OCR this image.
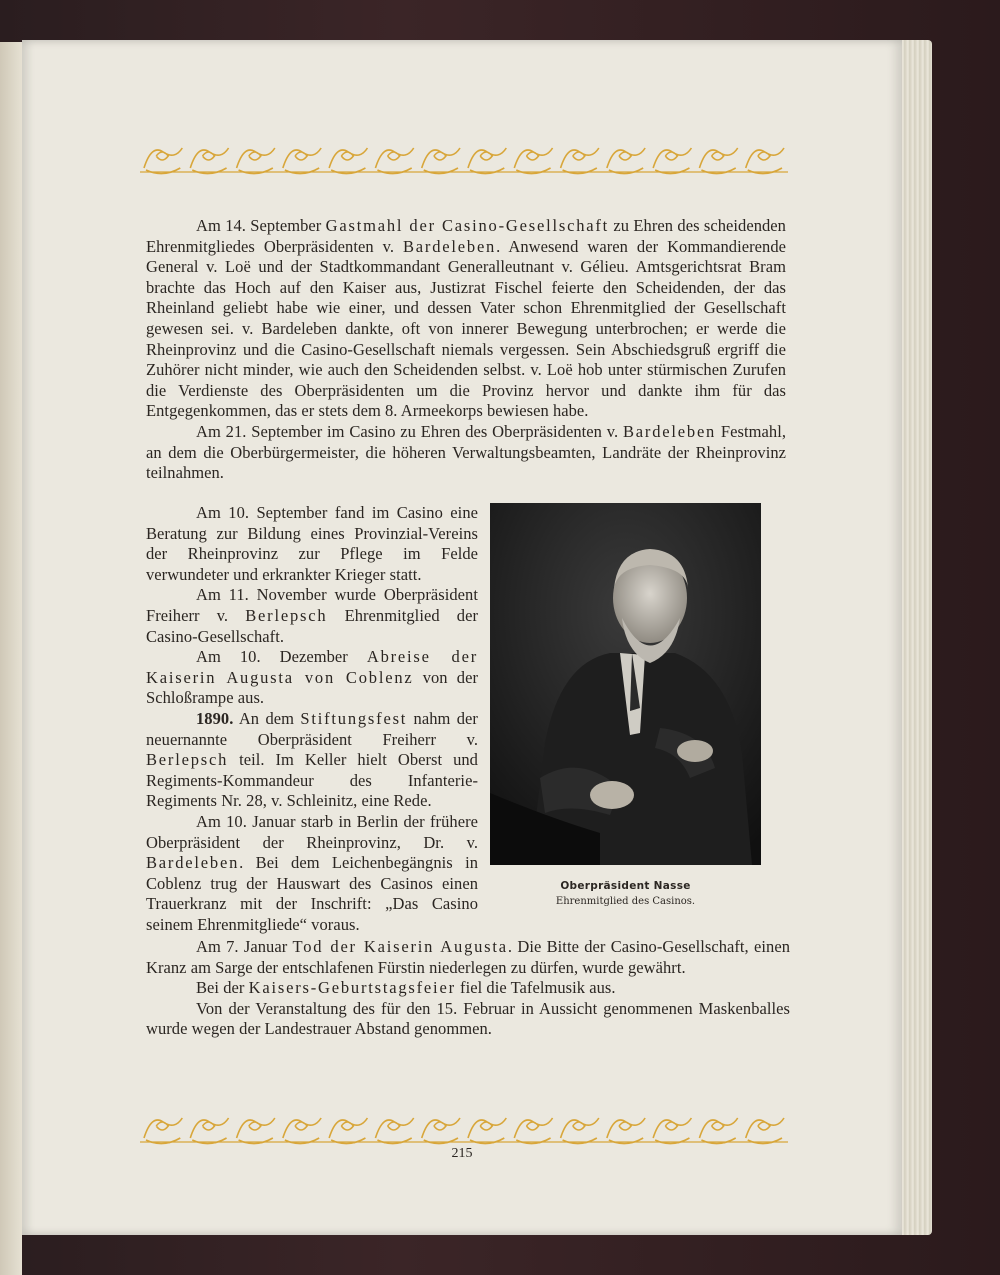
Am 14. September Gastmahl der Casino-Gesellschaft zu Ehren des scheidenden Ehrenmitgliedes Oberpräsidenten v. Bardeleben. Anwesend waren der Kommandierende General v. Loë und der Stadtkommandant Generalleutnant v. Gélieu. Amtsgerichtsrat Bram brachte das Hoch auf den Kaiser aus, Justizrat Fischel feierte den Scheidenden, der das Rheinland geliebt habe wie einer, und dessen Vater schon Ehrenmitglied der Gesellschaft gewesen sei. v. Bardeleben dankte, oft von innerer Bewegung unterbrochen; er werde die Rheinprovinz und die Casino-Gesellschaft niemals vergessen. Sein Abschiedsgruß ergriff die Zuhörer nicht minder, wie auch den Scheidenden selbst. v. Loë hob unter stürmischen Zurufen die Verdienste des Oberpräsidenten um die Provinz hervor und dankte ihm für das Entgegenkommen, das er stets dem 8. Armeekorps bewiesen habe.

Am 21. September im Casino zu Ehren des Oberpräsidenten v. Bardeleben Festmahl, an dem die Oberbürgermeister, die höheren Verwaltungsbeamten, Landräte der Rheinprovinz teilnahmen.

Am 10. September fand im Casino eine Beratung zur Bildung eines Provinzial-Vereins der Rheinprovinz zur Pflege im Felde verwundeter und erkrankter Krieger statt.

Am 11. November wurde Oberpräsident Freiherr v. Berlepsch Ehrenmitglied der Casino-Gesellschaft.

Am 10. Dezember Abreise der Kaiserin Augusta von Coblenz von der Schloßrampe aus.

1890. An dem Stiftungsfest nahm der neuernannte Oberpräsident Freiherr v. Berlepsch teil. Im Keller hielt Oberst und Regiments-Kommandeur des Infanterie-Regiments Nr. 28, v. Schleinitz, eine Rede.

Am 10. Januar starb in Berlin der frühere Oberpräsident der Rheinprovinz, Dr. v. Bardeleben. Bei dem Leichenbegängnis in Coblenz trug der Hauswart des Casinos einen Trauerkranz mit der Inschrift: „Das Casino seinem Ehrenmitgliede“ voraus.

Oberpräsident Nasse
Ehrenmitglied des Casinos.

Am 7. Januar Tod der Kaiserin Augusta. Die Bitte der Casino-Gesellschaft, einen Kranz am Sarge der entschlafenen Fürstin niederlegen zu dürfen, wurde gewährt.

Bei der Kaisers-Geburtstagsfeier fiel die Tafelmusik aus.

Von der Veranstaltung des für den 15. Februar in Aussicht genommenen Maskenballes wurde wegen der Landestrauer Abstand genommen.

215
